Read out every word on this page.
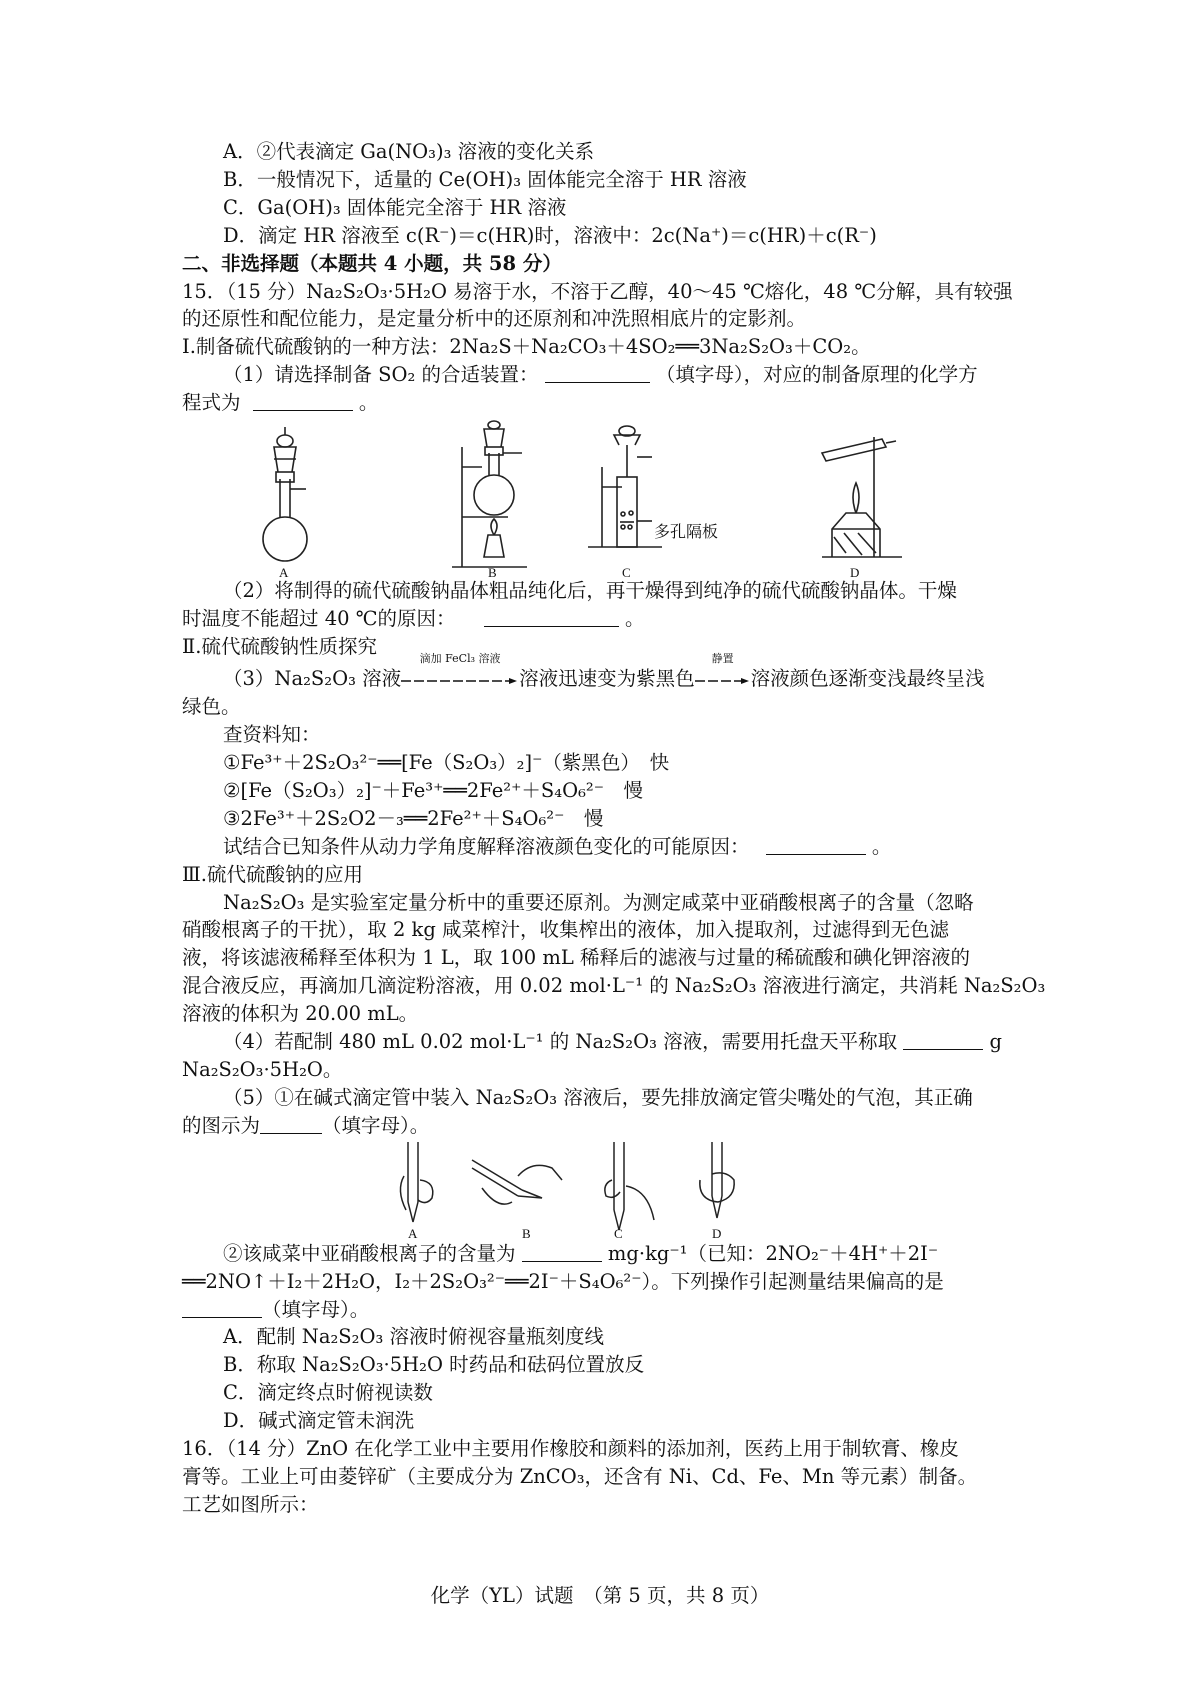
A．②代表滴定 Ga(NO₃)₃ 溶液的变化关系
B．一般情况下，适量的 Ce(OH)₃ 固体能完全溶于 HR 溶液
C．Ga(OH)₃ 固体能完全溶于 HR 溶液
D．滴定 HR 溶液至 c(R⁻)＝c(HR)时，溶液中：2c(Na⁺)＝c(HR)＋c(R⁻)
二、非选择题（本题共 4 小题，共 58 分）
15．（15 分）Na₂S₂O₃·5H₂O 易溶于水，不溶于乙醇，40～45 ℃熔化，48 ℃分解，具有较强
的还原性和配位能力，是定量分析中的还原剂和冲洗照相底片的定影剂。
Ⅰ.制备硫代硫酸钠的一种方法：2Na₂S＋Na₂CO₃＋4SO₂══3Na₂S₂O₃＋CO₂。
（1）请选择制备 SO₂ 的合适装置：	（填字母），对应的制备原理的化学方
程式为	。
A	B	C	D
多孔隔板
（2）将制得的硫代硫酸钠晶体粗品纯化后，再干燥得到纯净的硫代硫酸钠晶体。干燥
时温度不能超过 40 ℃的原因：	。
Ⅱ.硫代硫酸钠性质探究
（3）Na₂S₂O₃ 溶液
滴加 FeCl₃ 溶液
溶液迅速变为紫黑色
静置
溶液颜色逐渐变浅最终呈浅
绿色。
查资料知：
①Fe³⁺＋2S₂O₃²⁻══[Fe（S₂O₃）₂]⁻（紫黑色）　快
②[Fe（S₂O₃）₂]⁻＋Fe³⁺══2Fe²⁺＋S₄O₆²⁻　慢
③2Fe³⁺＋2S₂O2－₃══2Fe²⁺＋S₄O₆²⁻　慢
试结合已知条件从动力学角度解释溶液颜色变化的可能原因：	。
Ⅲ.硫代硫酸钠的应用
Na₂S₂O₃ 是实验室定量分析中的重要还原剂。为测定咸菜中亚硝酸根离子的含量（忽略
硝酸根离子的干扰），取 2 kg 咸菜榨汁，收集榨出的液体，加入提取剂，过滤得到无色滤
液，将该滤液稀释至体积为 1 L，取 100 mL 稀释后的滤液与过量的稀硫酸和碘化钾溶液的
混合液反应，再滴加几滴淀粉溶液，用 0.02 mol·L⁻¹ 的 Na₂S₂O₃ 溶液进行滴定，共消耗 Na₂S₂O₃
溶液的体积为 20.00 mL。
（4）若配制 480 mL 0.02 mol·L⁻¹ 的 Na₂S₂O₃ 溶液，需要用托盘天平称取	g
Na₂S₂O₃·5H₂O。
（5）①在碱式滴定管中装入 Na₂S₂O₃ 溶液后，要先排放滴定管尖嘴处的气泡，其正确
的图示为	（填字母）。
A	B	C	D
②该咸菜中亚硝酸根离子的含量为	mg·kg⁻¹（已知：2NO₂⁻＋4H⁺＋2I⁻
══2NO↑＋I₂＋2H₂O，I₂＋2S₂O₃²⁻══2I⁻＋S₄O₆²⁻）。下列操作引起测量结果偏高的是
（填字母）。
A．配制 Na₂S₂O₃ 溶液时俯视容量瓶刻度线
B．称取 Na₂S₂O₃·5H₂O 时药品和砝码位置放反
C．滴定终点时俯视读数
D．碱式滴定管未润洗
16．（14 分）ZnO 在化学工业中主要用作橡胶和颜料的添加剂，医药上用于制软膏、橡皮
膏等。工业上可由菱锌矿（主要成分为 ZnCO₃，还含有 Ni、Cd、Fe、Mn 等元素）制备。
工艺如图所示：
化学（YL）试题　（第 5 页，共 8 页）
